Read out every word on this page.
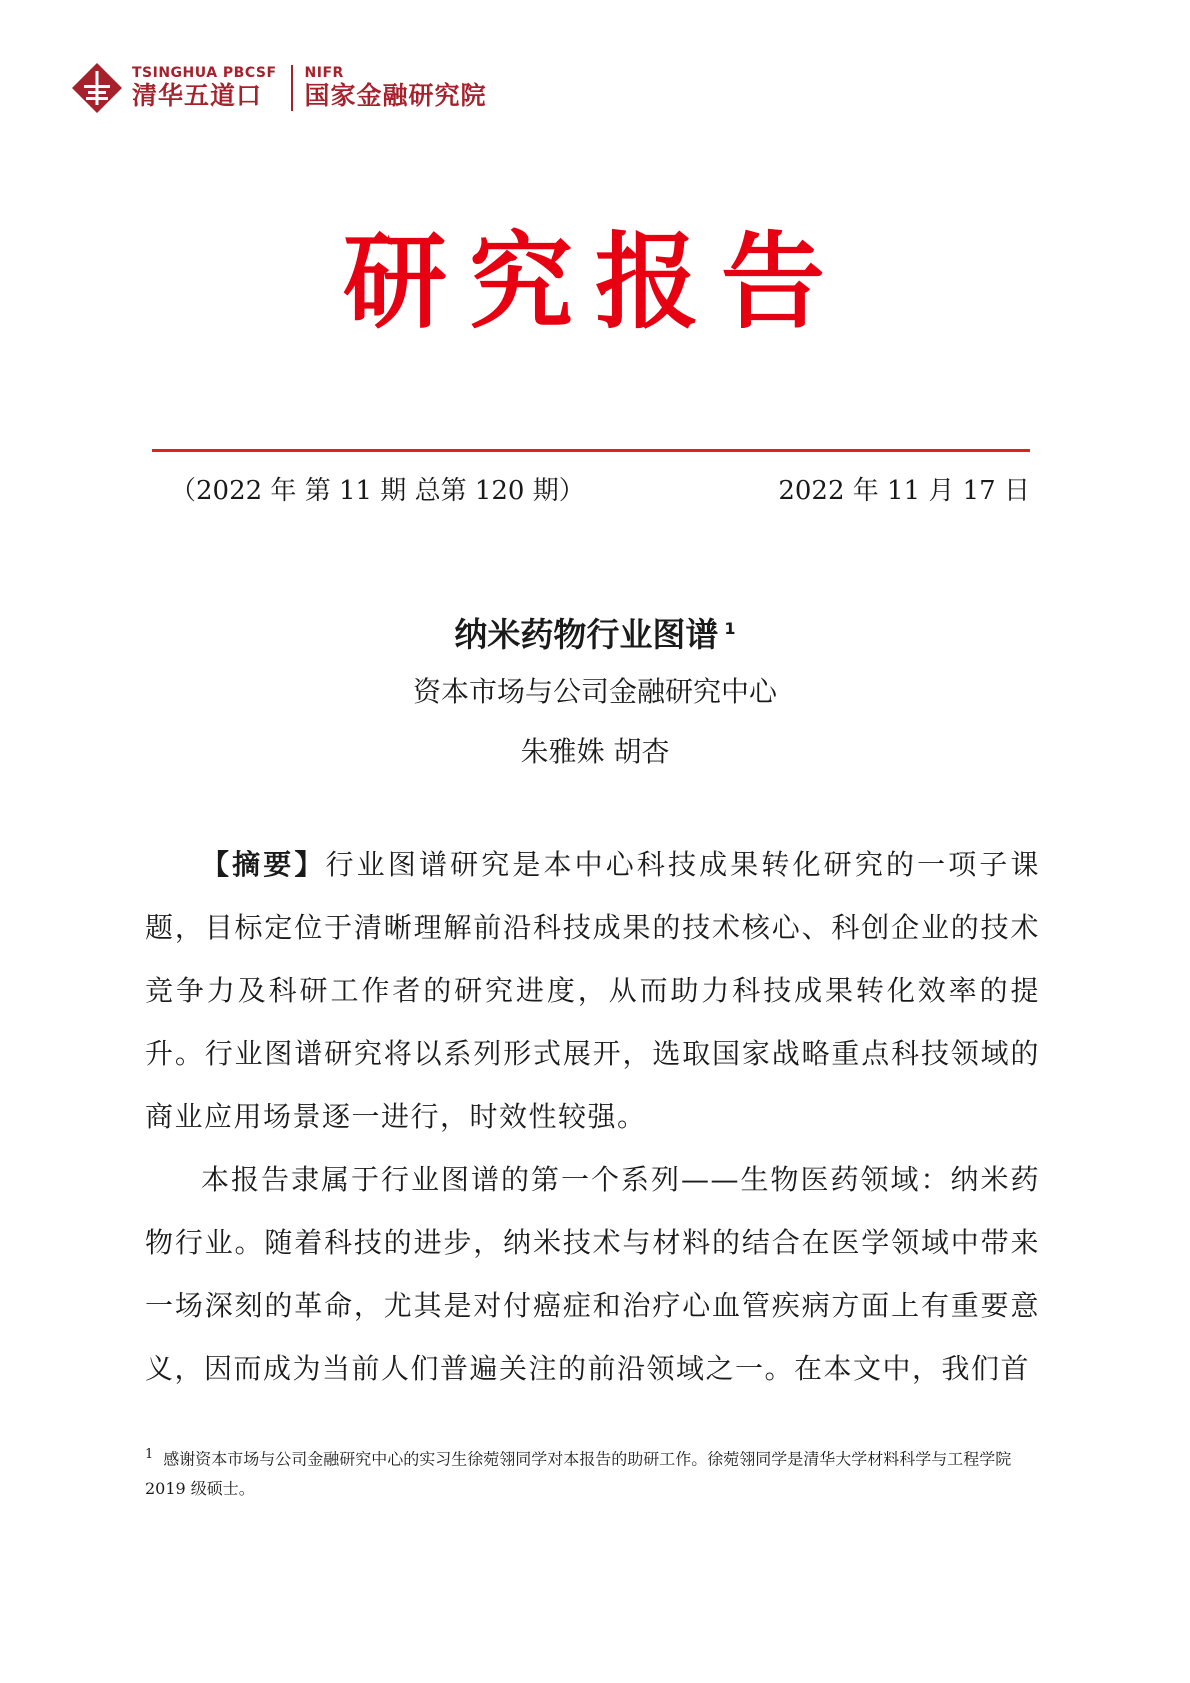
TSINGHUA PBCSF
清华五道口
NIFR
国家金融研究院
研究报告
（2022 年 第 11 期 总第 120 期）	2022 年 11 月 17 日
纳米药物行业图谱 $^1$
资本市场与公司金融研究中心
朱雅姝 胡杏

【摘要】行业图谱研究是本中心科技成果转化研究的一项子课题，目标定位于清晰理解前沿科技成果的技术核心、科创企业的技术竞争力及科研工作者的研究进度，从而助力科技成果转化效率的提升。行业图谱研究将以系列形式展开，选取国家战略重点科技领域的商业应用场景逐一进行，时效性较强。

本报告隶属于行业图谱的第一个系列——生物医药领域：纳米药物行业。随着科技的进步，纳米技术与材料的结合在医学领域中带来一场深刻的革命，尤其是对付癌症和治疗心血管疾病方面上有重要意义，因而成为当前人们普遍关注的前沿领域之一。在本文中，我们首

$^1$ 感谢资本市场与公司金融研究中心的实习生徐菀翎同学对本报告的助研工作。徐菀翎同学是清华大学材料科学与工程学院 2019 级硕士。
